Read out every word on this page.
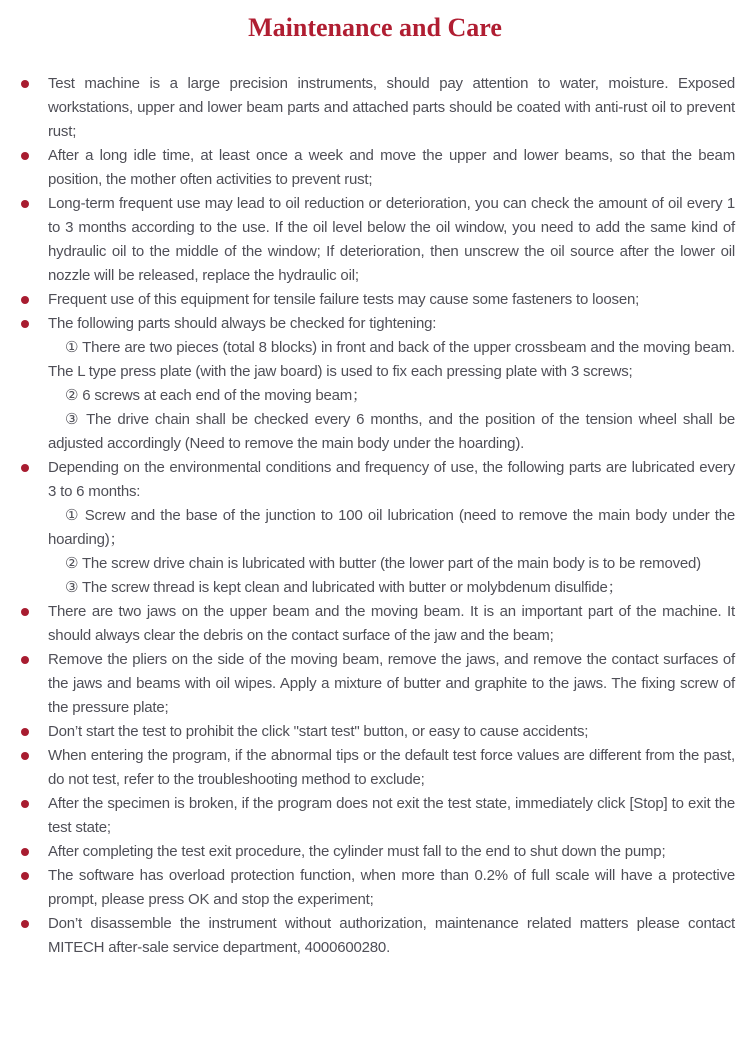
Maintenance and Care

Test machine is a large precision instruments, should pay attention to water, moisture. Exposed workstations, upper and lower beam parts and attached parts should be coated with anti-rust oil to prevent rust;

After a long idle time, at least once a week and move the upper and lower beams, so that the beam position, the mother often activities to prevent rust;

Long-term frequent use may lead to oil reduction or deterioration, you can check the amount of oil every 1 to 3 months according to the use. If the oil level below the oil window, you need to add the same kind of hydraulic oil to the middle of the window; If deterioration, then unscrew the oil source after the lower oil nozzle will be released, replace the hydraulic oil;

Frequent use of this equipment for tensile failure tests may cause some fasteners to loosen;

The following parts should always be checked for tightening:

① There are two pieces (total 8 blocks) in front and back of the upper crossbeam and the moving beam. The L type press plate (with the jaw board) is used to fix each pressing plate with 3 screws;

② 6 screws at each end of the moving beam；

③ The drive chain shall be checked every 6 months, and the position of the tension wheel shall be adjusted accordingly (Need to remove the main body under the hoarding).

Depending on the environmental conditions and frequency of use, the following parts are lubricated every 3 to 6 months:

① Screw and the base of the junction to 100 oil lubrication (need to remove the main body under the hoarding)；

② The screw drive chain is lubricated with butter (the lower part of the main body is to be removed)

③ The screw thread is kept clean and lubricated with butter or molybdenum disulfide；

There are two jaws on the upper beam and the moving beam. It is an important part of the machine. It should always clear the debris on the contact surface of the jaw and the beam;

Remove the pliers on the side of the moving beam, remove the jaws, and remove the contact surfaces of the jaws and beams with oil wipes. Apply a mixture of butter and graphite to the jaws. The fixing screw of the pressure plate;

Don’t start the test to prohibit the click "start test" button, or easy to cause accidents;

When entering the program, if the abnormal tips or the default test force values are different from the past, do not test, refer to the troubleshooting method to exclude;

After the specimen is broken, if the program does not exit the test state, immediately click [Stop] to exit the test state;

After completing the test exit procedure, the cylinder must fall to the end to shut down the pump;

The software has overload protection function, when more than 0.2% of full scale will have a protective prompt, please press OK and stop the experiment;

Don’t disassemble the instrument without authorization, maintenance related matters please contact MITECH after-sale service department, 4000600280.
